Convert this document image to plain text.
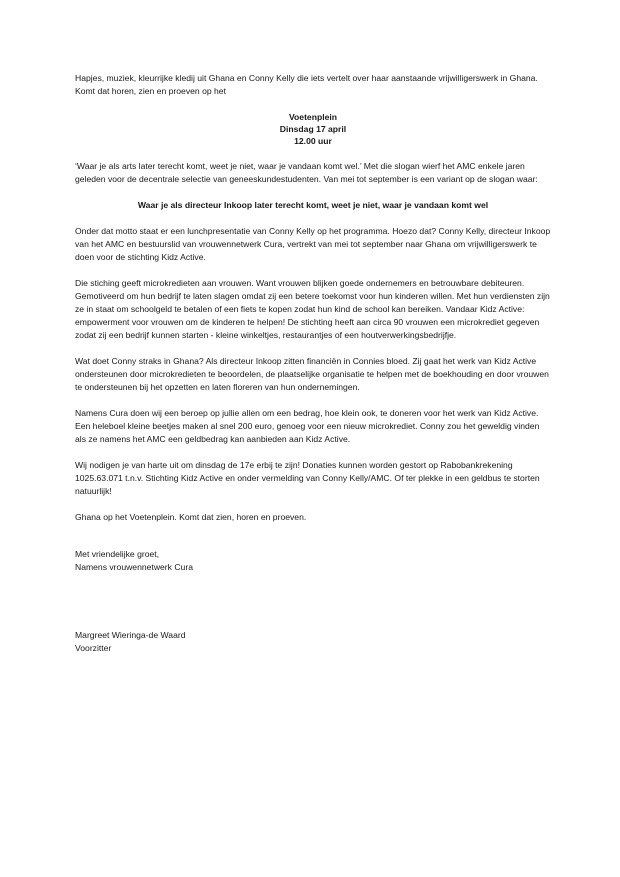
Hapjes, muziek, kleurrijke kledij uit Ghana en Conny Kelly die iets vertelt over haar aanstaande vrijwilligerswerk in Ghana. Komt dat horen, zien en proeven op het

Voetenplein
Dinsdag 17 april
12.00 uur

‘Waar je als arts later terecht komt, weet je niet, waar je vandaan komt wel.’ Met die slogan wierf het AMC enkele jaren geleden voor de decentrale selectie van geneeskundestudenten. Van mei tot september is een variant op de slogan waar:

Waar je als directeur Inkoop later terecht komt, weet je niet, waar je vandaan komt wel

Onder dat motto staat er een lunchpresentatie van Conny Kelly op het programma. Hoezo dat? Conny Kelly, directeur Inkoop van het AMC en bestuurslid van vrouwennetwerk Cura, vertrekt van mei tot september naar Ghana om vrijwilligerswerk te doen voor de stichting Kidz Active.

Die stiching geeft microkredieten aan vrouwen. Want vrouwen blijken goede ondernemers en betrouwbare debiteuren. Gemotiveerd om hun bedrijf te laten slagen omdat zij een betere toekomst voor hun kinderen willen. Met hun verdiensten zijn ze in staat om schoolgeld te betalen of een fiets te kopen zodat hun kind de school kan bereiken. Vandaar Kidz Active: empowerment voor vrouwen om de kinderen te helpen! De stichting heeft aan circa 90 vrouwen een microkrediet gegeven zodat zij een bedrijf kunnen starten - kleine winkeltjes, restaurantjes of een houtverwerkingsbedrijfje.

Wat doet Conny straks in Ghana? Als directeur Inkoop zitten financiën in Connies bloed. Zij gaat het werk van Kidz Active ondersteunen door microkredieten te beoordelen, de plaatselijke organisatie te helpen met de boekhouding en door vrouwen te ondersteunen bij het opzetten en laten floreren van hun ondernemingen.

Namens Cura doen wij een beroep op jullie allen om een bedrag, hoe klein ook, te doneren voor het werk van Kidz Active. Een heleboel kleine beetjes maken al snel 200 euro, genoeg voor een nieuw microkrediet. Conny zou het geweldig vinden als ze namens het AMC een geldbedrag kan aanbieden aan Kidz Active.

Wij nodigen je van harte uit om dinsdag de 17e erbij te zijn! Donaties kunnen worden gestort op Rabobankrekening 1025.63.071 t.n.v. Stichting Kidz Active en onder vermelding van Conny Kelly/AMC. Of ter plekke in een geldbus te storten natuurlijk!

Ghana op het Voetenplein. Komt dat zien, horen en proeven.

Met vriendelijke groet,
Namens vrouwennetwerk Cura
Margreet Wieringa-de Waard
Voorzitter
